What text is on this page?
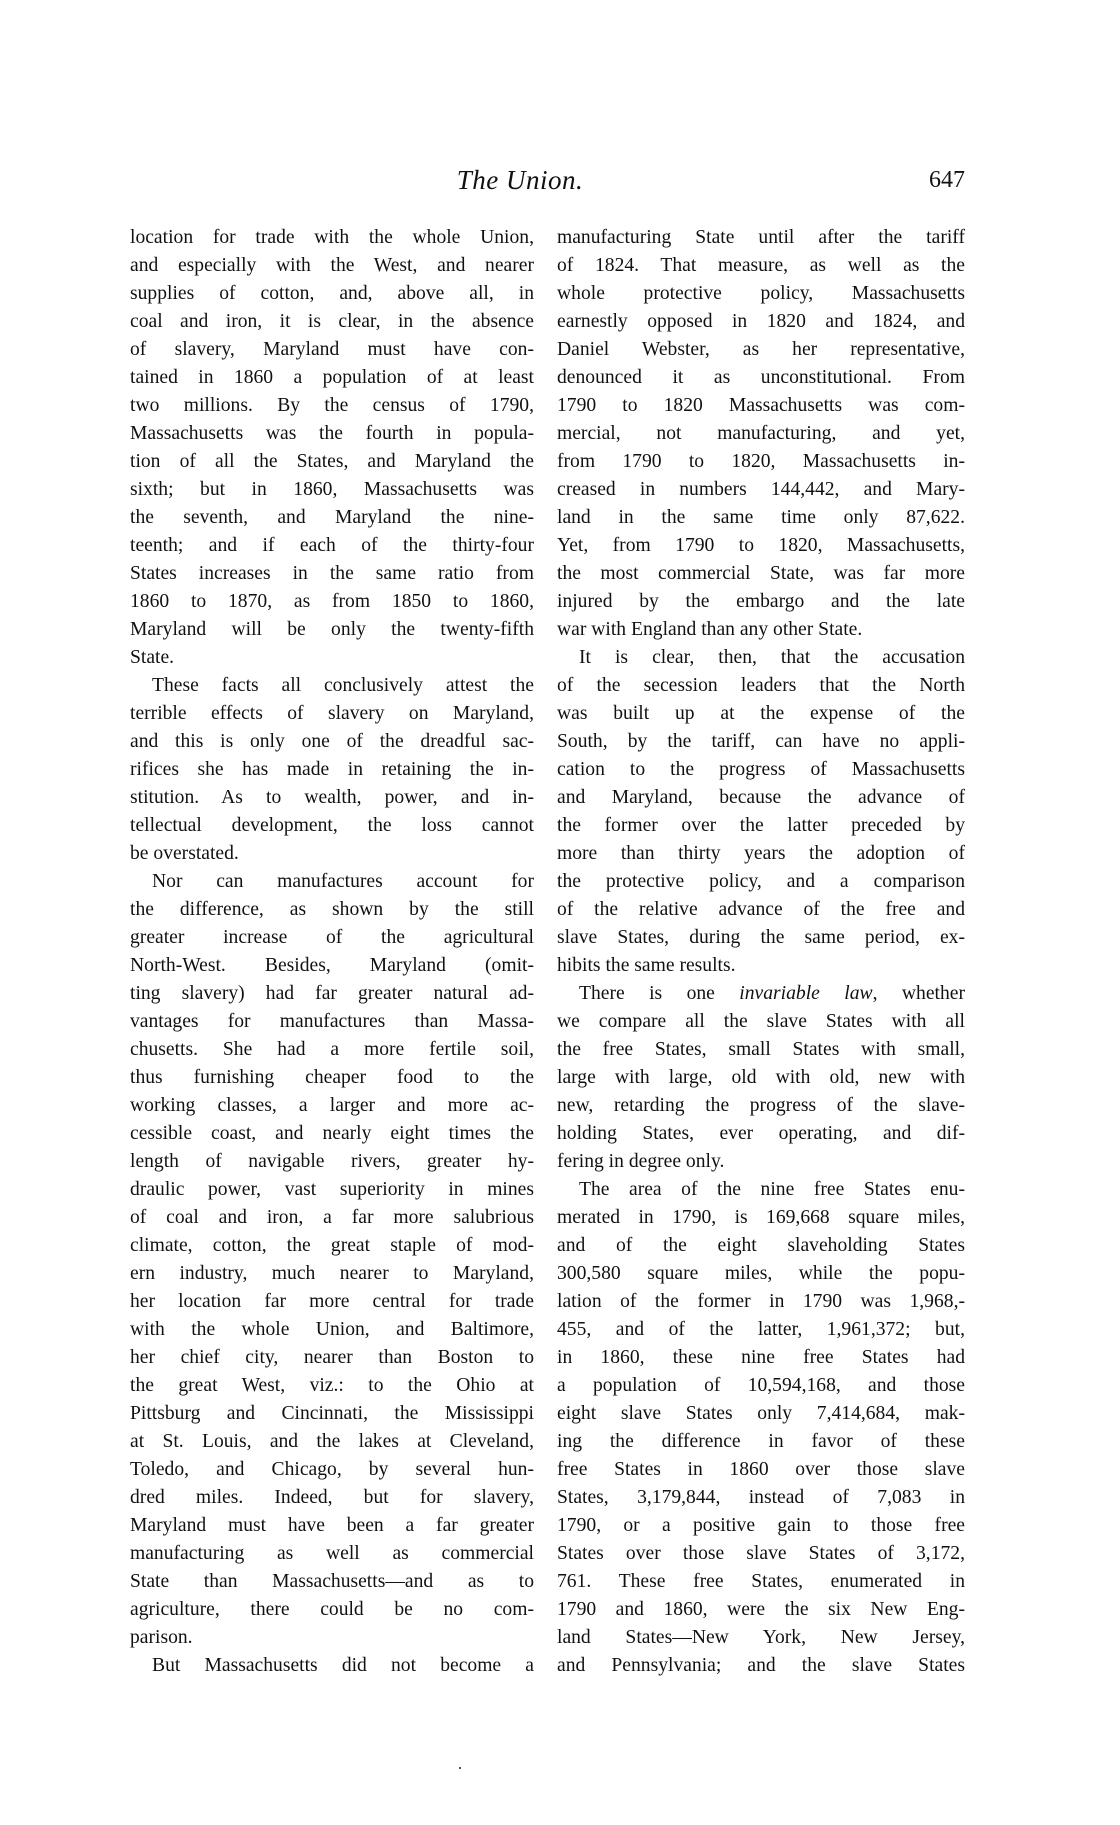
The Union.	647
location for trade with the whole Union,
and especially with the West, and nearer
supplies of cotton, and, above all, in
coal and iron, it is clear, in the absence
of slavery, Maryland must have con-
tained in 1860 a population of at least
two millions. By the census of 1790,
Massachusetts was the fourth in popula-
tion of all the States, and Maryland the
sixth; but in 1860, Massachusetts was
the seventh, and Maryland the nine-
teenth; and if each of the thirty-four
States increases in the same ratio from
1860 to 1870, as from 1850 to 1860,
Maryland will be only the twenty-fifth
State.
These facts all conclusively attest the
terrible effects of slavery on Maryland,
and this is only one of the dreadful sac-
rifices she has made in retaining the in-
stitution. As to wealth, power, and in-
tellectual development, the loss cannot
be overstated.
Nor can manufactures account for
the difference, as shown by the still
greater increase of the agricultural
North-West. Besides, Maryland (omit-
ting slavery) had far greater natural ad-
vantages for manufactures than Massa-
chusetts. She had a more fertile soil,
thus furnishing cheaper food to the
working classes, a larger and more ac-
cessible coast, and nearly eight times the
length of navigable rivers, greater hy-
draulic power, vast superiority in mines
of coal and iron, a far more salubrious
climate, cotton, the great staple of mod-
ern industry, much nearer to Maryland,
her location far more central for trade
with the whole Union, and Baltimore,
her chief city, nearer than Boston to
the great West, viz.: to the Ohio at
Pittsburg and Cincinnati, the Mississippi
at St. Louis, and the lakes at Cleveland,
Toledo, and Chicago, by several hun-
dred miles. Indeed, but for slavery,
Maryland must have been a far greater
manufacturing as well as commercial
State than Massachusetts—and as to
agriculture, there could be no com-
parison.
But Massachusetts did not become a
manufacturing State until after the tariff
of 1824. That measure, as well as the
whole protective policy, Massachusetts
earnestly opposed in 1820 and 1824, and
Daniel Webster, as her representative,
denounced it as unconstitutional. From
1790 to 1820 Massachusetts was com-
mercial, not manufacturing, and yet,
from 1790 to 1820, Massachusetts in-
creased in numbers 144,442, and Mary-
land in the same time only 87,622.
Yet, from 1790 to 1820, Massachusetts,
the most commercial State, was far more
injured by the embargo and the late
war with England than any other State.
It is clear, then, that the accusation
of the secession leaders that the North
was built up at the expense of the
South, by the tariff, can have no appli-
cation to the progress of Massachusetts
and Maryland, because the advance of
the former over the latter preceded by
more than thirty years the adoption of
the protective policy, and a comparison
of the relative advance of the free and
slave States, during the same period, ex-
hibits the same results.
There is one invariable law, whether
we compare all the slave States with all
the free States, small States with small,
large with large, old with old, new with
new, retarding the progress of the slave-
holding States, ever operating, and dif-
fering in degree only.
The area of the nine free States enu-
merated in 1790, is 169,668 square miles,
and of the eight slaveholding States
300,580 square miles, while the popu-
lation of the former in 1790 was 1,968,-
455, and of the latter, 1,961,372; but,
in 1860, these nine free States had
a population of 10,594,168, and those
eight slave States only 7,414,684, mak-
ing the difference in favor of these
free States in 1860 over those slave
States, 3,179,844, instead of 7,083 in
1790, or a positive gain to those free
States over those slave States of 3,172,
761. These free States, enumerated in
1790 and 1860, were the six New Eng-
land States—New York, New Jersey,
and Pennsylvania; and the slave States
